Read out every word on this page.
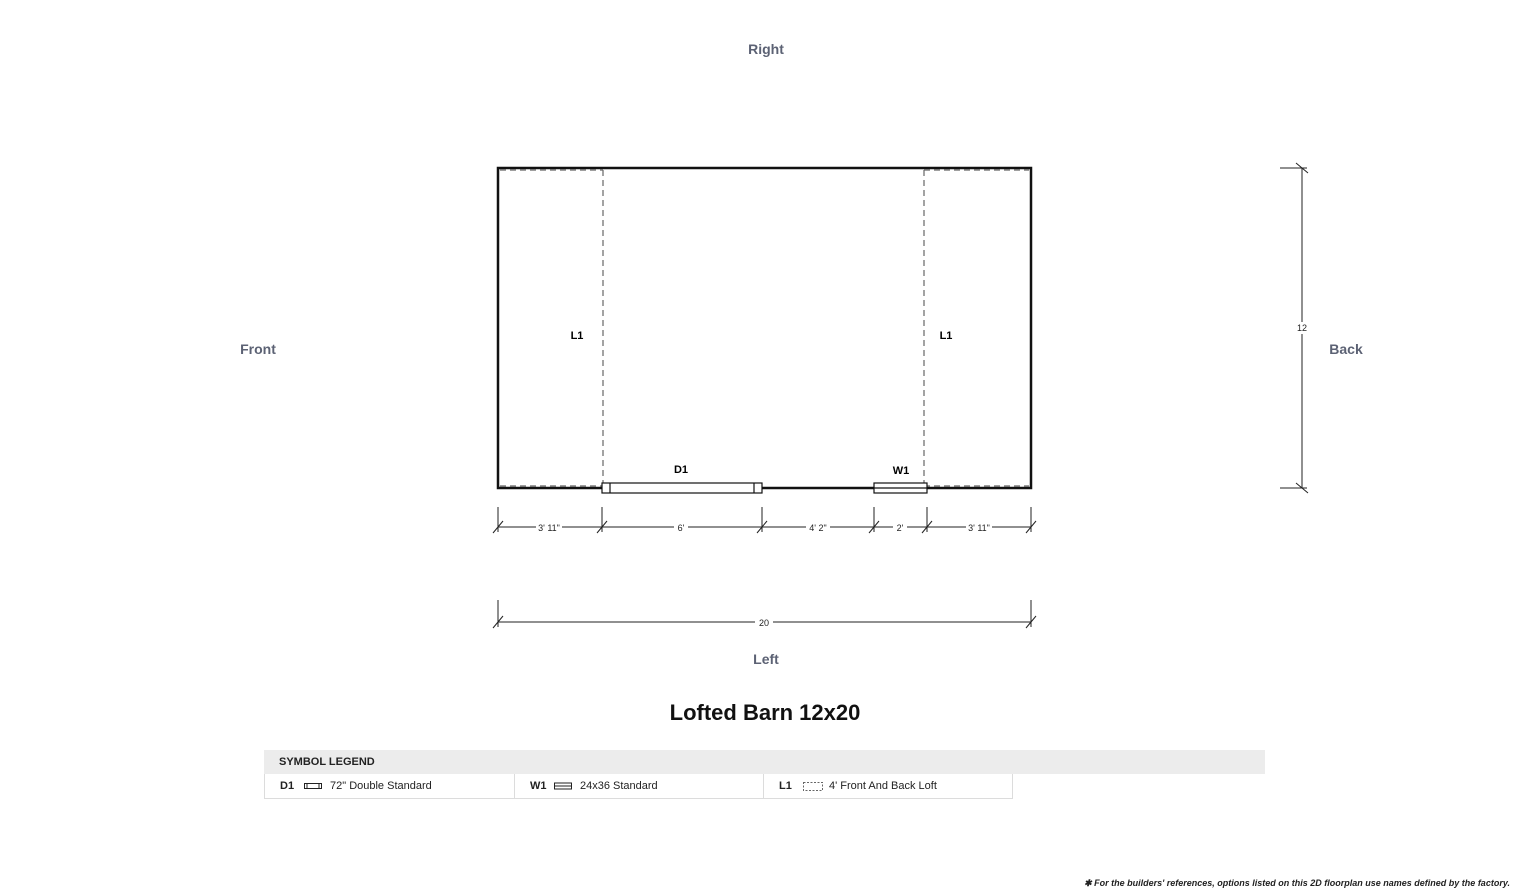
Right
Left
Front	Back
L1	L1
D1	W1
3' 11"	6'	4' 2"	2'	3' 11"
20
12
Lofted Barn 12x20
SYMBOL LEGEND
D1	72" Double Standard	W1	24x36 Standard	L1	4' Front And Back Loft
✱ For the builders' references, options listed on this 2D floorplan use names defined by the factory.
